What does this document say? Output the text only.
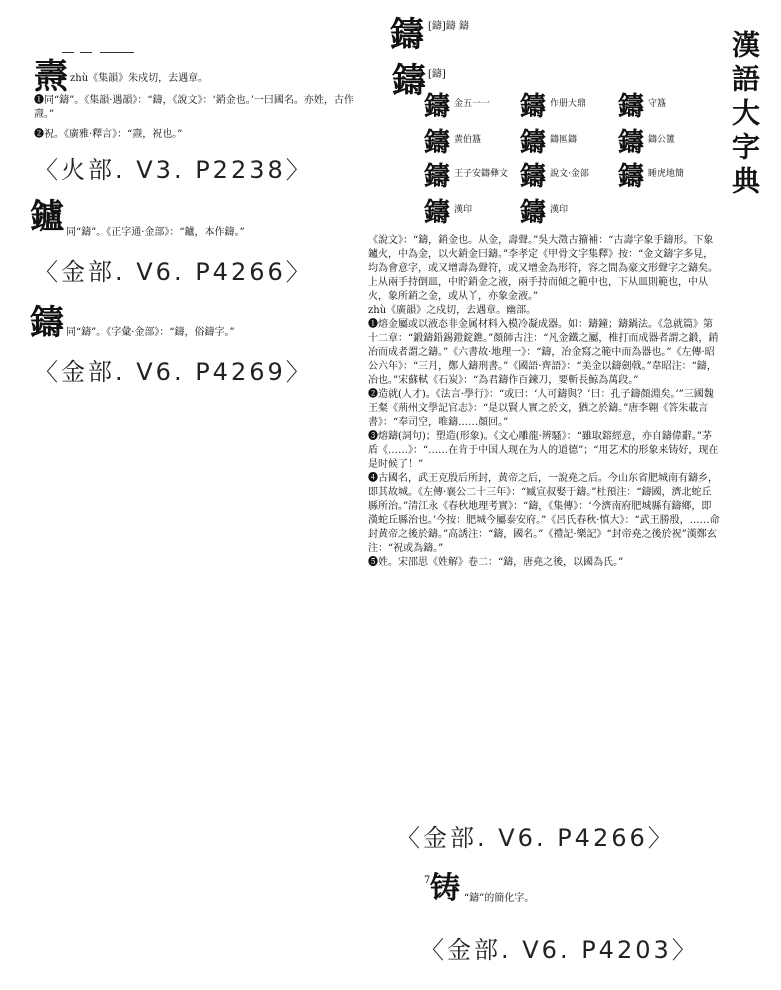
燾 zhù《集韻》朱戍切，去遇章。
❶同“鑄”。《集韻·遇韻》：“鑄，《說文》：‘銷金也。’一曰國名。亦姓，古作燾。”
❷祝。《廣雅·釋言》：“燾，祝也。”
〈火部. V3. P2238〉
鑪 同“鑄”。《正字通·金部》：“鑪，本作鑄。”
〈金部. V6. P4266〉
鑄 同“鑄”。《字彙·金部》：“鑄，俗鑄字。”
〈金部. V6. P4269〉
漢語大字典
鑄 [鑄]鑄 鑄
鑄 [鑄]
鑄 金五一一 鑄 作册大鼎 鑄 守簋
鑄 黄伯簋 鑄 鑄匜鑄 鑄 鑄公簠
鑄 王子安鑄彝文 鑄 說文·金部 鑄 睡虎地簡
鑄 漢印 鑄 漢印

《說文》：“鑄，銷金也。从金，壽聲。”吳大澂古籀補：“古壽字象手鑄形。下象鑪火，中為金，以火銷金曰鑄。”李孝定《甲骨文字集釋》按：“金文鑄字多見，均為會意字，或又增壽為聲符，或又增金為形符，容之間為豪文形聲字之鑄矣。上从兩手持倒皿，中貯銷金之液，兩手持而傾之範中也，下从皿則範也，中从火，象所銷之金，或从丫，亦象金液。”

zhù《廣韻》之戍切，去遇章。幽部。

❶熔金屬或以液态非金属材料入模冷凝成器。如：鑄鐘；鑄鍋法。《急就篇》第十二章：“鍛鑄鉛錫鐙錠鐎。”顏師古注：“凡金鐵之屬，椎打而成器者謂之鍛，銷冶而成者謂之鑄。”《六書故·地理一》：“鑄，冶金寫之範中而為器也。”《左傳·昭公六年》：“三月，鄭人鑄刑書。”《國語·齊語》：“美金以鑄劍戟。”韋昭注：“鑄，冶也。”宋蘇軾《石炭》：“為君鑄作百鍊刀，要斬長鯨為萬段。”

❷造就(人才)。《法言·學行》：“或曰：‘人可鑄與？’曰：孔子鑄顏淵矣。’”三國魏王粲《荊州文學記官志》：“是以賢人實之於文，猶之於鑄。”唐李翱《答朱載言書》：“奉司空，唯鑄……顏回。”

❸熔鑄(詞句)；塑造(形象)。《文心雕龍·辨騷》：“雖取鎔經意，亦自鑄偉辭。”茅盾《……》：“……在肯于中国人现在为人的道德”；“用艺术的形象来铸好，现在是时候了！”

❹古國名，武王克殷后所封，黄帝之后，一說堯之后。今山东省肥城南有鑄乡，即其故城。《左傳·襄公二十三年》：“臧宣叔娶于鑄。”杜預注：“鑄國，濟北蛇丘縣所治。”清江永《春秋地理考實》：“鑄，《集傳》：‘今濟南府肥城縣有鑄鄉，即漢蛇丘縣治也。’今按：肥城今屬泰安府。”《呂氏春秋·慎大》：“武王勝殷，……命封黄帝之後於鑄。”高誘注：“鑄，國名。”《禮記·樂記》“封帝堯之後於祝”漢鄭玄注：“祝或為鑄。”

❺姓。宋邵思《姓解》卷二：“鑄，唐堯之後，以國為氏。”

〈金部. V6. P4266〉
7 铸 “鑄”的簡化字。
〈金部. V6. P4203〉
